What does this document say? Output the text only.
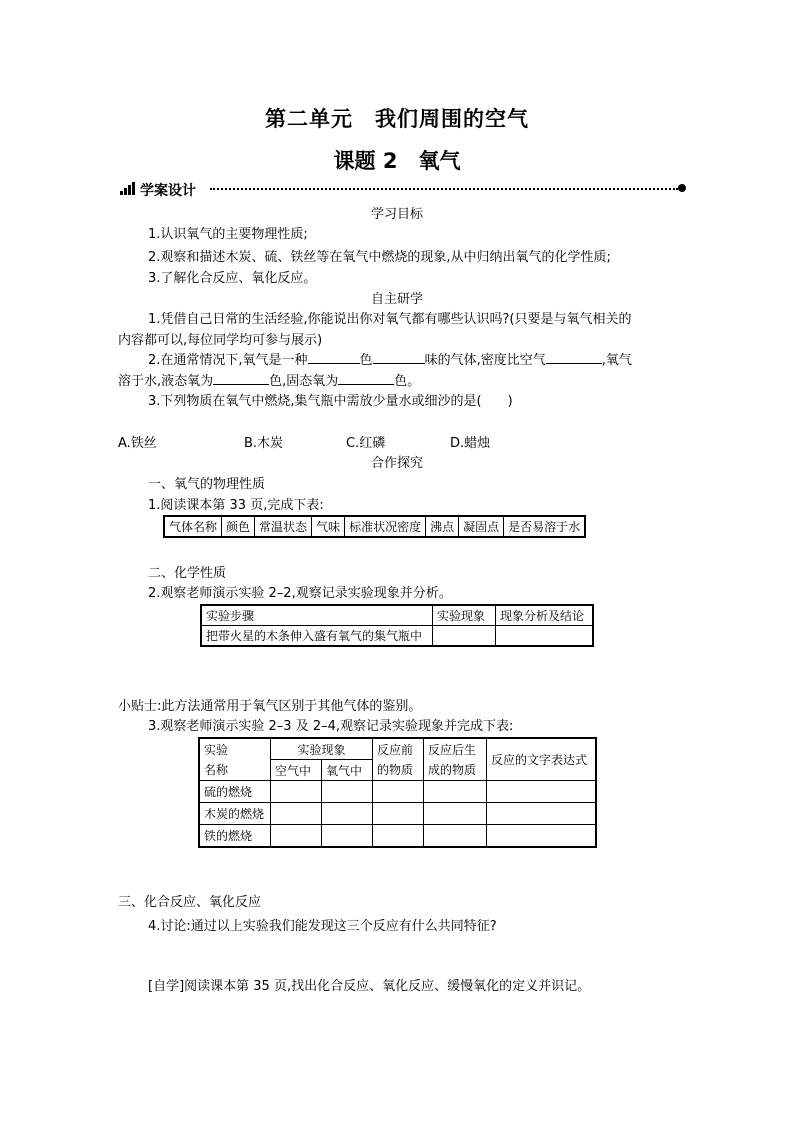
第二单元　我们周围的空气
课题 2　氧气
学案设计
学习目标
1.认识氧气的主要物理性质;
2.观察和描述木炭、硫、铁丝等在氧气中燃烧的现象,从中归纳出氧气的化学性质;
3.了解化合反应、氧化反应。
自主研学
1.凭借自己日常的生活经验,你能说出你对氧气都有哪些认识吗?(只要是与氧气相关的
内容都可以,每位同学均可参与展示)
2.在通常情况下,氧气是一种	色	味的气体,密度比空气	,氧气
溶于水,液态氧为	色,固态氧为	色。
3.下列物质在氧气中燃烧,集气瓶中需放少量水或细沙的是(　　)
A.铁丝	B.木炭	C.红磷	D.蜡烛
合作探究
一、氧气的物理性质
1.阅读课本第 33 页,完成下表:
气体名称	颜色	常温状态	气味	标准状况密度	沸点	凝固点	是否易溶于水
二、化学性质
2.观察老师演示实验 2–2,观察记录实验现象并分析。
实验步骤	实验现象	现象分析及结论
把带火星的木条伸入盛有氧气的集气瓶中		
小贴士:此方法通常用于氧气区别于其他气体的鉴别。
3.观察老师演示实验 2–3 及 2–4,观察记录实验现象并完成下表:
实验	实验现象		反应前	反应后生	反应的文字表达式
名称	空气中	氧气中	的物质	成的物质	
硫的燃烧					
木炭的燃烧					
铁的燃烧					
三、化合反应、氧化反应
4.讨论:通过以上实验我们能发现这三个反应有什么共同特征?
[自学]阅读课本第 35 页,找出化合反应、氧化反应、缓慢氧化的定义并识记。
